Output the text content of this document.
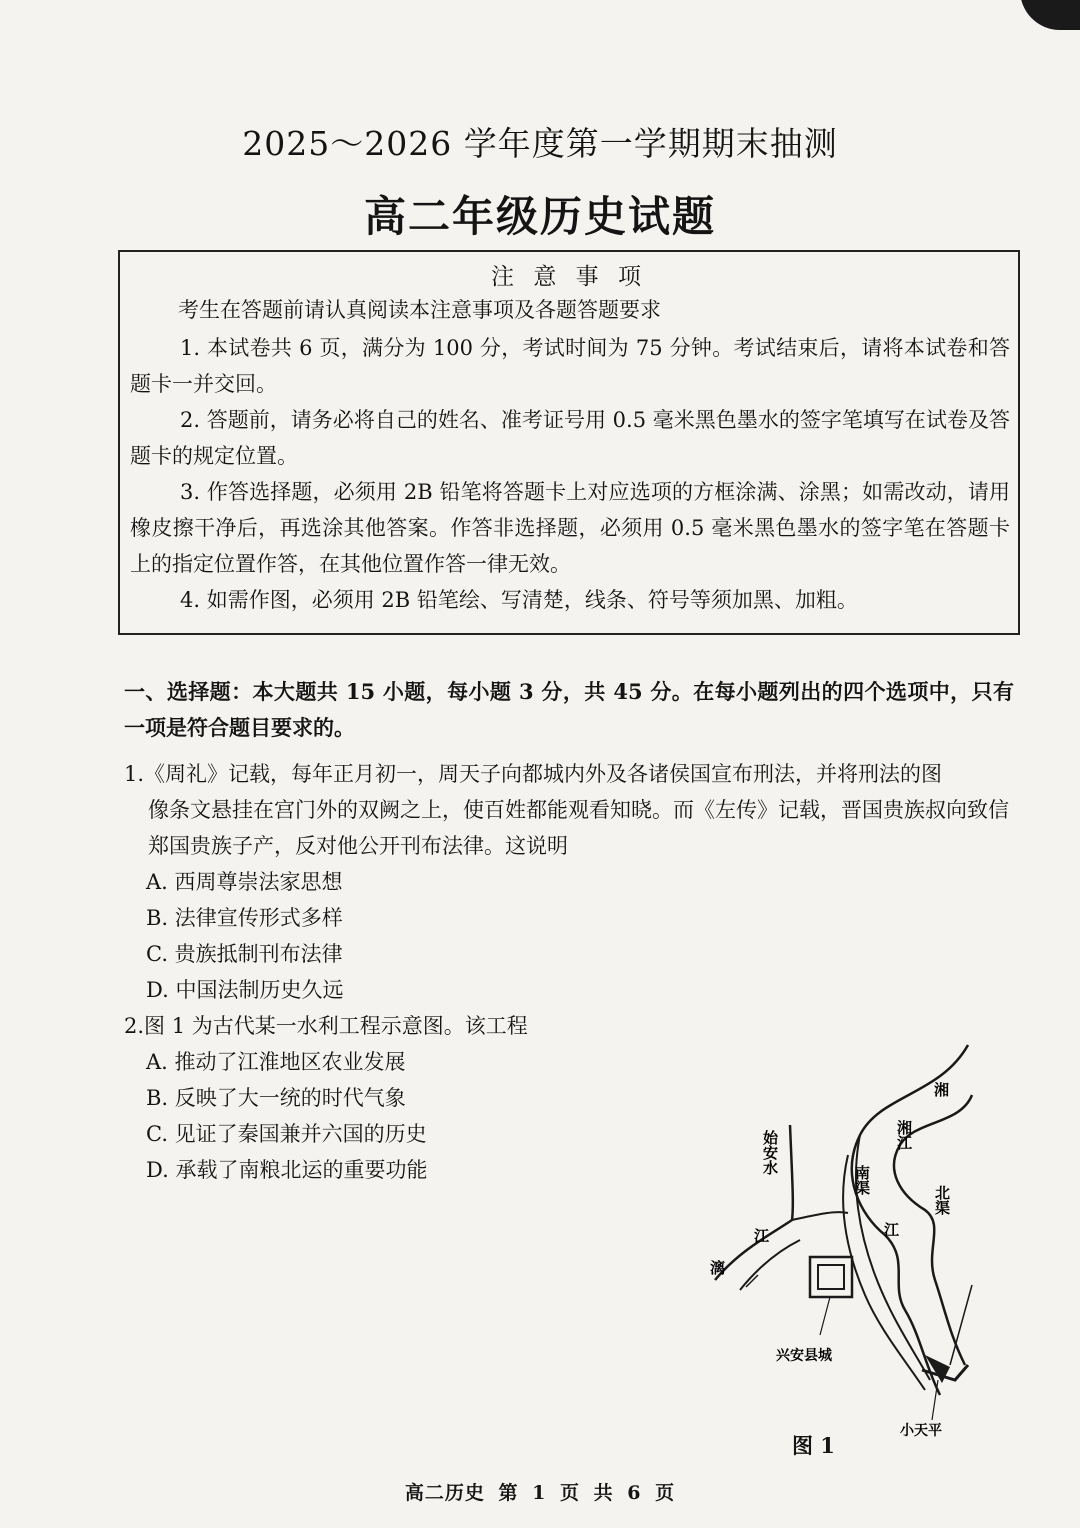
2025～2026 学年度第一学期期末抽测
高二年级历史试题
注 意 事 项
考生在答题前请认真阅读本注意事项及各题答题要求

1. 本试卷共 6 页，满分为 100 分，考试时间为 75 分钟。考试结束后，请将本试卷和答题卡一并交回。

2. 答题前，请务必将自己的姓名、准考证号用 0.5 毫米黑色墨水的签字笔填写在试卷及答题卡的规定位置。

3. 作答选择题，必须用 2B 铅笔将答题卡上对应选项的方框涂满、涂黑；如需改动，请用橡皮擦干净后，再选涂其他答案。作答非选择题，必须用 0.5 毫米黑色墨水的签字笔在答题卡上的指定位置作答，在其他位置作答一律无效。

4. 如需作图，必须用 2B 铅笔绘、写清楚，线条、符号等须加黑、加粗。

一、选择题：本大题共 15 小题，每小题 3 分，共 45 分。在每小题列出的四个选项中，只有一项是符合题目要求的。

1.《周礼》记载，每年正月初一，周天子向都城内外及各诸侯国宣布刑法，并将刑法的图
像条文悬挂在宫门外的双阙之上，使百姓都能观看知晓。而《左传》记载，晋国贵族叔向致信郑国贵族子产，反对他公开刊布法律。这说明

A. 西周尊崇法家思想

B. 法律宣传形式多样

C. 贵族抵制刊布法律

D. 中国法制历史久远

2.图 1 为古代某一水利工程示意图。该工程

A. 推动了江淮地区农业发展

B. 反映了大一统的时代气象

C. 见证了秦国兼并六国的历史

D. 承载了南粮北运的重要功能	始安水
江
漓
湘
湘江
北渠
南渠
江
兴安县城
小天平
图 1
高二历史 第 1 页 共 6 页
